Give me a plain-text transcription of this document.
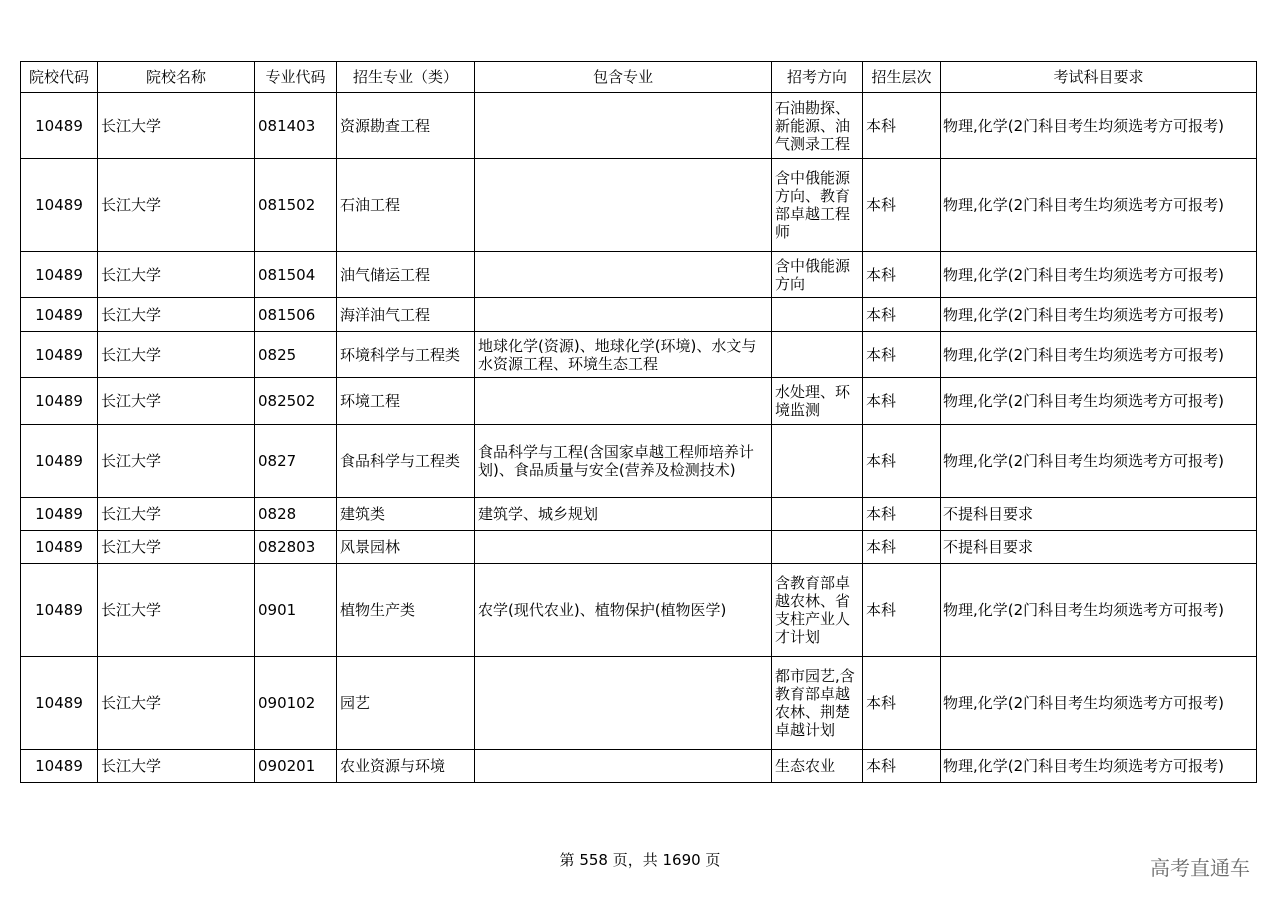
院校代码	院校名称	专业代码	招生专业（类）	包含专业	招考方向	招生层次	考试科目要求
10489	长江大学	081403	资源勘查工程		石油勘探、新能源、油气测录工程	本科	物理,化学(2门科目考生均须选考方可报考)
10489	长江大学	081502	石油工程		含中俄能源方向、教育部卓越工程师	本科	物理,化学(2门科目考生均须选考方可报考)
10489	长江大学	081504	油气储运工程		含中俄能源方向	本科	物理,化学(2门科目考生均须选考方可报考)
10489	长江大学	081506	海洋油气工程			本科	物理,化学(2门科目考生均须选考方可报考)
10489	长江大学	0825	环境科学与工程类	地球化学(资源)、地球化学(环境)、水文与水资源工程、环境生态工程		本科	物理,化学(2门科目考生均须选考方可报考)
10489	长江大学	082502	环境工程		水处理、环境监测	本科	物理,化学(2门科目考生均须选考方可报考)
10489	长江大学	0827	食品科学与工程类	食品科学与工程(含国家卓越工程师培养计划)、食品质量与安全(营养及检测技术)		本科	物理,化学(2门科目考生均须选考方可报考)
10489	长江大学	0828	建筑类	建筑学、城乡规划		本科	不提科目要求
10489	长江大学	082803	风景园林			本科	不提科目要求
10489	长江大学	0901	植物生产类	农学(现代农业)、植物保护(植物医学)	含教育部卓越农林、省支柱产业人才计划	本科	物理,化学(2门科目考生均须选考方可报考)
10489	长江大学	090102	园艺		都市园艺,含教育部卓越农林、荆楚卓越计划	本科	物理,化学(2门科目考生均须选考方可报考)
10489	长江大学	090201	农业资源与环境		生态农业	本科	物理,化学(2门科目考生均须选考方可报考)
第 558 页，共 1690 页	高考直通车
